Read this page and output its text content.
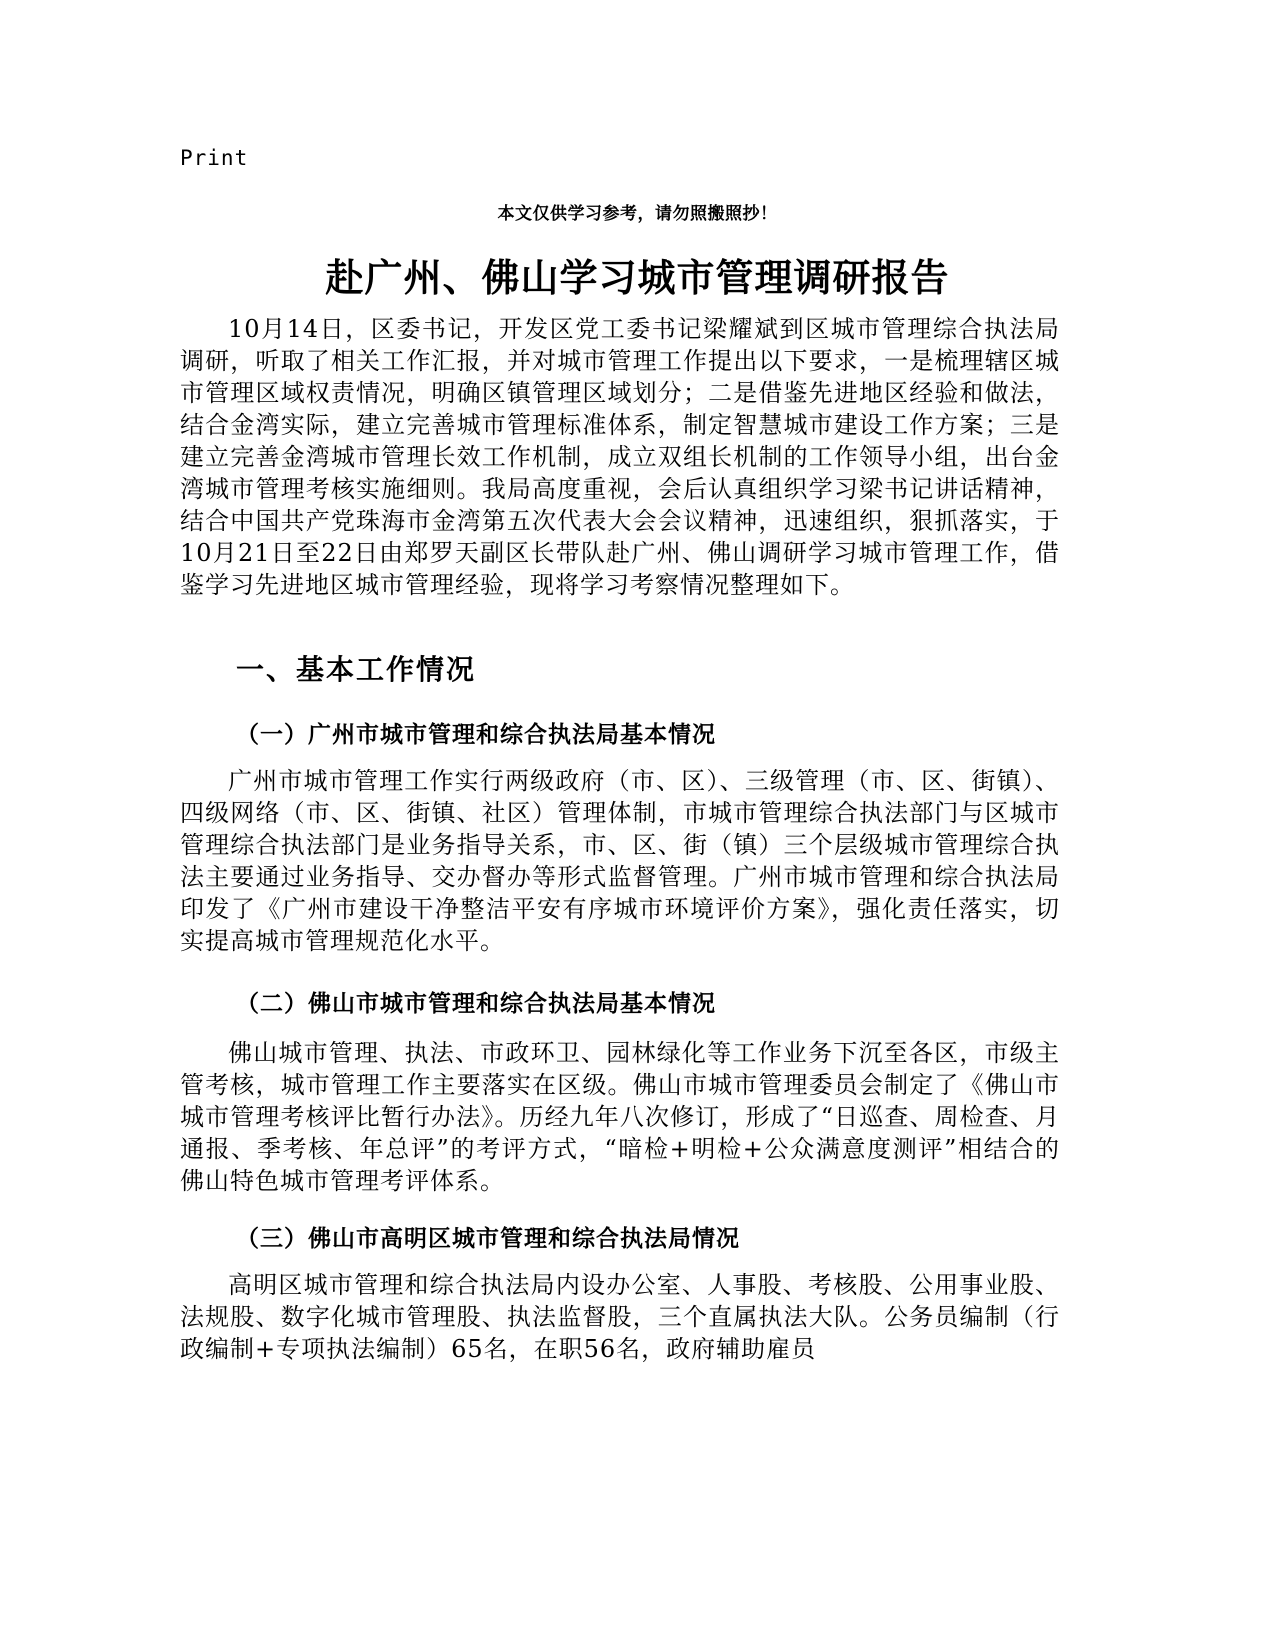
Print
本文仅供学习参考，请勿照搬照抄！
赴广州、佛山学习城市管理调研报告

10月14日，区委书记，开发区党工委书记梁耀斌到区城市管理综合执法局调研，听取了相关工作汇报，并对城市管理工作提出以下要求，一是梳理辖区城市管理区域权责情况，明确区镇管理区域划分；二是借鉴先进地区经验和做法，结合金湾实际，建立完善城市管理标准体系，制定智慧城市建设工作方案；三是建立完善金湾城市管理长效工作机制，成立双组长机制的工作领导小组，出台金湾城市管理考核实施细则。我局高度重视，会后认真组织学习梁书记讲话精神，结合中国共产党珠海市金湾第五次代表大会会议精神，迅速组织，狠抓落实，于10月21日至22日由郑罗天副区长带队赴广州、佛山调研学习城市管理工作，借鉴学习先进地区城市管理经验，现将学习考察情况整理如下。

一、基本工作情况
（一）广州市城市管理和综合执法局基本情况

广州市城市管理工作实行两级政府（市、区）、三级管理（市、区、街镇）、四级网络（市、区、街镇、社区）管理体制，市城市管理综合执法部门与区城市管理综合执法部门是业务指导关系，市、区、街（镇）三个层级城市管理综合执法主要通过业务指导、交办督办等形式监督管理。广州市城市管理和综合执法局印发了《广州市建设干净整洁平安有序城市环境评价方案》，强化责任落实，切实提高城市管理规范化水平。

（二）佛山市城市管理和综合执法局基本情况

佛山城市管理、执法、市政环卫、园林绿化等工作业务下沉至各区，市级主管考核，城市管理工作主要落实在区级。佛山市城市管理委员会制定了《佛山市城市管理考核评比暂行办法》。历经九年八次修订，形成了“日巡查、周检查、月通报、季考核、年总评”的考评方式，“暗检+明检+公众满意度测评”相结合的佛山特色城市管理考评体系。

（三）佛山市高明区城市管理和综合执法局情况

高明区城市管理和综合执法局内设办公室、人事股、考核股、公用事业股、法规股、数字化城市管理股、执法监督股，三个直属执法大队。公务员编制（行政编制+专项执法编制）65名，在职56名，政府辅助雇员
